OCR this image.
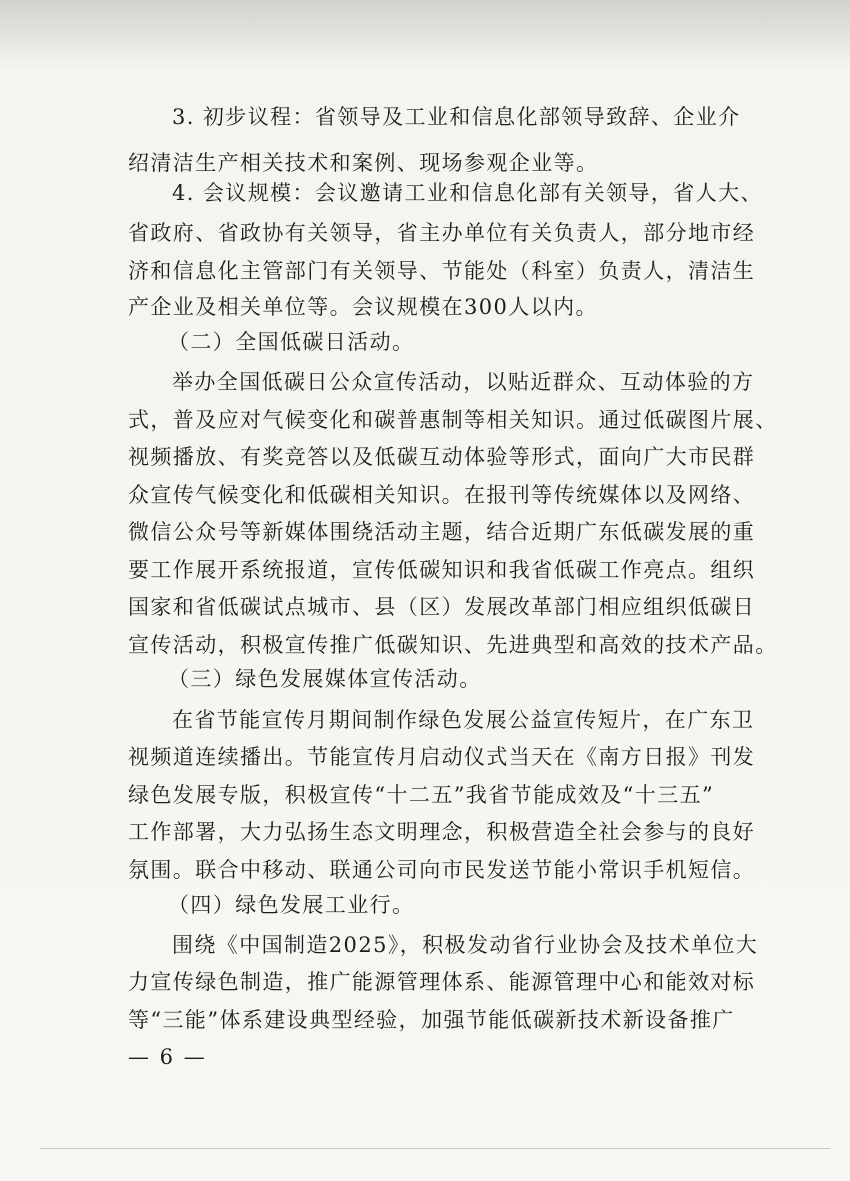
3. 初步议程：省领导及工业和信息化部领导致辞、企业介
绍清洁生产相关技术和案例、现场参观企业等。
4. 会议规模：会议邀请工业和信息化部有关领导，省人大、
省政府、省政协有关领导，省主办单位有关负责人，部分地市经
济和信息化主管部门有关领导、节能处（科室）负责人，清洁生
产企业及相关单位等。会议规模在300人以内。
（二）全国低碳日活动。
举办全国低碳日公众宣传活动，以贴近群众、互动体验的方
式，普及应对气候变化和碳普惠制等相关知识。通过低碳图片展、
视频播放、有奖竞答以及低碳互动体验等形式，面向广大市民群
众宣传气候变化和低碳相关知识。在报刊等传统媒体以及网络、
微信公众号等新媒体围绕活动主题，结合近期广东低碳发展的重
要工作展开系统报道，宣传低碳知识和我省低碳工作亮点。组织
国家和省低碳试点城市、县（区）发展改革部门相应组织低碳日
宣传活动，积极宣传推广低碳知识、先进典型和高效的技术产品。
（三）绿色发展媒体宣传活动。
在省节能宣传月期间制作绿色发展公益宣传短片，在广东卫
视频道连续播出。节能宣传月启动仪式当天在《南方日报》刊发
绿色发展专版，积极宣传“十二五”我省节能成效及“十三五”
工作部署，大力弘扬生态文明理念，积极营造全社会参与的良好
氛围。联合中移动、联通公司向市民发送节能小常识手机短信。
（四）绿色发展工业行。
围绕《中国制造2025》，积极发动省行业协会及技术单位大
力宣传绿色制造，推广能源管理体系、能源管理中心和能效对标
等“三能”体系建设典型经验，加强节能低碳新技术新设备推广
— 6 —
